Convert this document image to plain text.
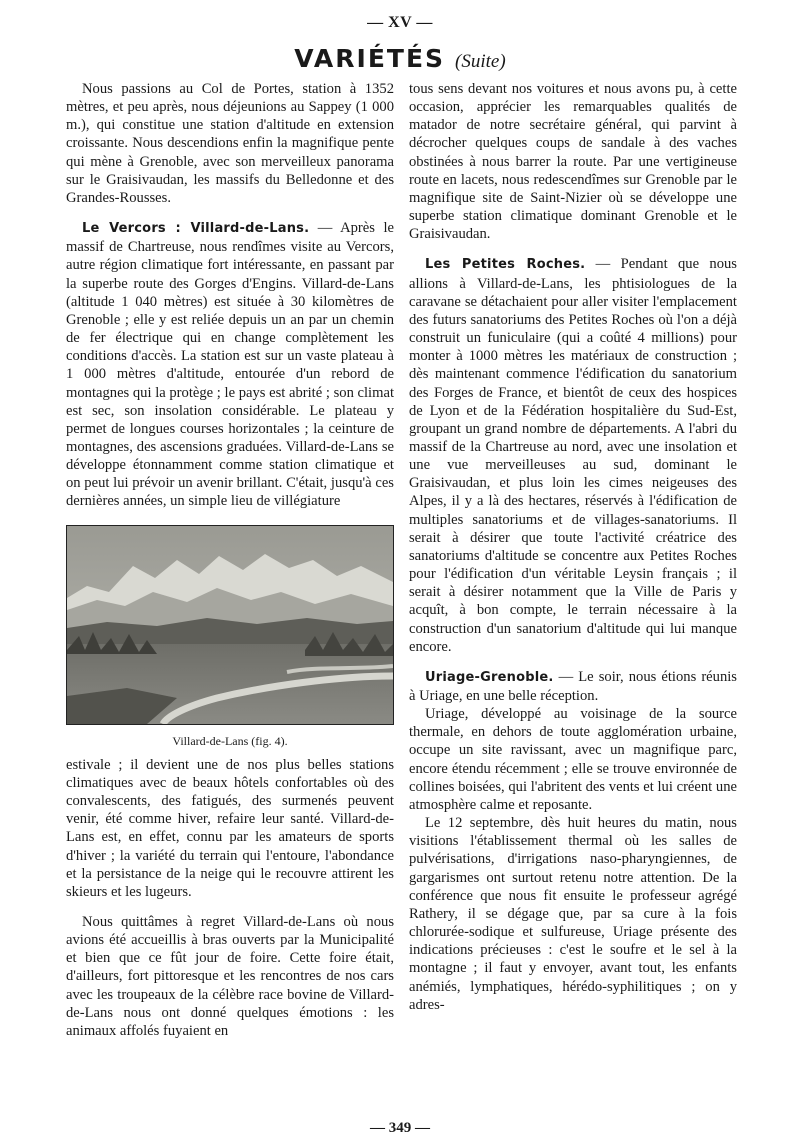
— XV —
VARIÉTÉS (Suite)

Nous passions au Col de Portes, station à 1352 mètres, et peu après, nous déjeunions au Sappey (1 000 m.), qui constitue une station d'altitude en extension croissante. Nous descendions enfin la magnifique pente qui mène à Grenoble, avec son merveilleux panorama sur le Graisivaudan, les massifs du Belledonne et des Grandes-Rousses.

Le Vercors : Villard-de-Lans. — Après le massif de Chartreuse, nous rendîmes visite au Vercors, autre région climatique fort intéressante, en passant par la superbe route des Gorges d'Engins. Villard-de-Lans (altitude 1 040 mètres) est située à 30 kilomètres de Grenoble ; elle y est reliée depuis un an par un chemin de fer électrique qui en change complètement les conditions d'accès. La station est sur un vaste plateau à 1 000 mètres d'altitude, entourée d'un rebord de montagnes qui la protège ; le pays est abrité ; son climat est sec, son insolation considérable. Le plateau y permet de longues courses horizontales ; la ceinture de montagnes, des ascensions graduées. Villard-de-Lans se développe étonnamment comme station climatique et on peut lui prévoir un avenir brillant. C'était, jusqu'à ces dernières années, un simple lieu de villégiature

Villard-de-Lans (fig. 4).

estivale ; il devient une de nos plus belles stations climatiques avec de beaux hôtels confortables où des convalescents, des fatigués, des surmenés peuvent venir, été comme hiver, refaire leur santé. Villard-de-Lans est, en effet, connu par les amateurs de sports d'hiver ; la variété du terrain qui l'entoure, l'abondance et la persistance de la neige qui le recouvre attirent les skieurs et les lugeurs.

Nous quittâmes à regret Villard-de-Lans où nous avions été accueillis à bras ouverts par la Municipalité et bien que ce fût jour de foire. Cette foire était, d'ailleurs, fort pittoresque et les rencontres de nos cars avec les troupeaux de la célèbre race bovine de Villard-de-Lans nous ont donné quelques émotions : les animaux affolés fuyaient en

tous sens devant nos voitures et nous avons pu, à cette occasion, apprécier les remarquables qualités de matador de notre secrétaire général, qui parvint à décrocher quelques coups de sandale à des vaches obstinées à nous barrer la route. Par une vertigineuse route en lacets, nous redescendîmes sur Grenoble par le magnifique site de Saint-Nizier où se développe une superbe station climatique dominant Grenoble et le Graisivaudan.

Les Petites Roches. — Pendant que nous allions à Villard-de-Lans, les phtisiologues de la caravane se détachaient pour aller visiter l'emplacement des futurs sanatoriums des Petites Roches où l'on a déjà construit un funiculaire (qui a coûté 4 millions) pour monter à 1000 mètres les matériaux de construction ; dès maintenant commence l'édification du sanatorium des Forges de France, et bientôt de ceux des hospices de Lyon et de la Fédération hospitalière du Sud-Est, groupant un grand nombre de départements. A l'abri du massif de la Chartreuse au nord, avec une insolation et une vue merveilleuses au sud, dominant le Graisivaudan, et plus loin les cimes neigeuses des Alpes, il y a là des hectares, réservés à l'édification de multiples sanatoriums et de villages-sanatoriums. Il serait à désirer que toute l'activité créatrice des sanatoriums d'altitude se concentre aux Petites Roches pour l'édification d'un véritable Leysin français ; il serait à désirer notamment que la Ville de Paris y acquît, à bon compte, le terrain nécessaire à la construction d'un sanatorium d'altitude qui lui manque encore.

Uriage-Grenoble. — Le soir, nous étions réunis à Uriage, en une belle réception.

Uriage, développé au voisinage de la source thermale, en dehors de toute agglomération urbaine, occupe un site ravissant, avec un magnifique parc, encore étendu récemment ; elle se trouve environnée de collines boisées, qui l'abritent des vents et lui créent une atmosphère calme et reposante.

Le 12 septembre, dès huit heures du matin, nous visitions l'établissement thermal où les salles de pulvérisations, d'irrigations naso-pharyngiennes, de gargarismes ont surtout retenu notre attention. De la conférence que nous fit ensuite le professeur agrégé Rathery, il se dégage que, par sa cure à la fois chlorurée-sodique et sulfureuse, Uriage présente des indications précieuses : c'est le soufre et le sel à la montagne ; il faut y envoyer, avant tout, les enfants anémiés, lymphatiques, hérédo-syphilitiques ; on y adres-

— 349 —
